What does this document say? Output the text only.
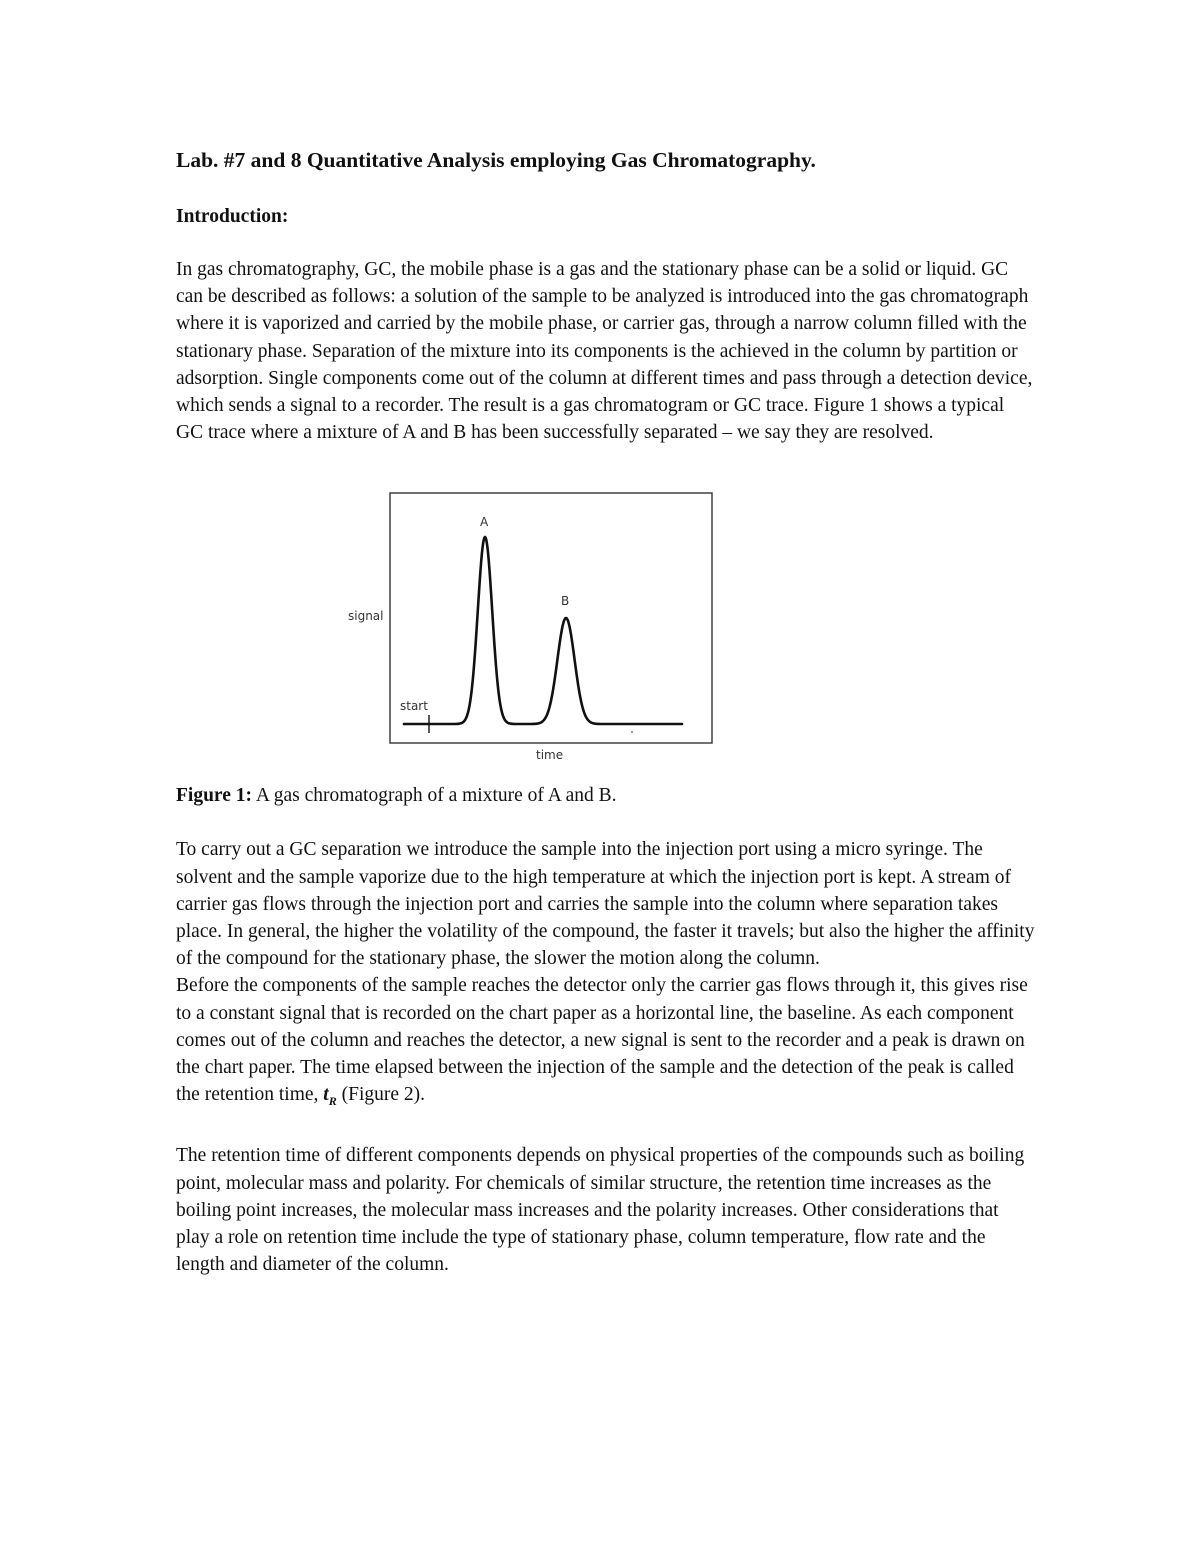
Lab. #7 and 8 Quantitative Analysis employing Gas Chromatography.
Introduction:

In gas chromatography, GC, the mobile phase is a gas and the stationary phase can be a solid or liquid. GC can be described as follows: a solution of the sample to be analyzed is introduced into the gas chromatograph where it is vaporized and carried by the mobile phase, or carrier gas, through a narrow column filled with the stationary phase. Separation of the mixture into its components is the achieved in the column by partition or adsorption. Single components come out of the column at different times and pass through a detection device, which sends a signal to a recorder. The result is a gas chromatogram or GC trace. Figure 1 shows a typical GC trace where a mixture of A and B has been successfully separated – we say they are resolved.

signal
time
start
A
B

Figure 1: A gas chromatograph of a mixture of A and B.

To carry out a GC separation we introduce the sample into the injection port using a micro syringe. The solvent and the sample vaporize due to the high temperature at which the injection port is kept. A stream of carrier gas flows through the injection port and carries the sample into the column where separation takes place. In general, the higher the volatility of the compound, the faster it travels; but also the higher the affinity of the compound for the stationary phase, the slower the motion along the column.

Before the components of the sample reaches the detector only the carrier gas flows through it, this gives rise to a constant signal that is recorded on the chart paper as a horizontal line, the baseline. As each component comes out of the column and reaches the detector, a new signal is sent to the recorder and a peak is drawn on the chart paper. The time elapsed between the injection of the sample and the detection of the peak is called the retention time, $t_R$ (Figure 2).

The retention time of different components depends on physical properties of the compounds such as boiling point, molecular mass and polarity. For chemicals of similar structure, the retention time increases as the boiling point increases, the molecular mass increases and the polarity increases. Other considerations that play a role on retention time include the type of stationary phase, column temperature, flow rate and the length and diameter of the column.
